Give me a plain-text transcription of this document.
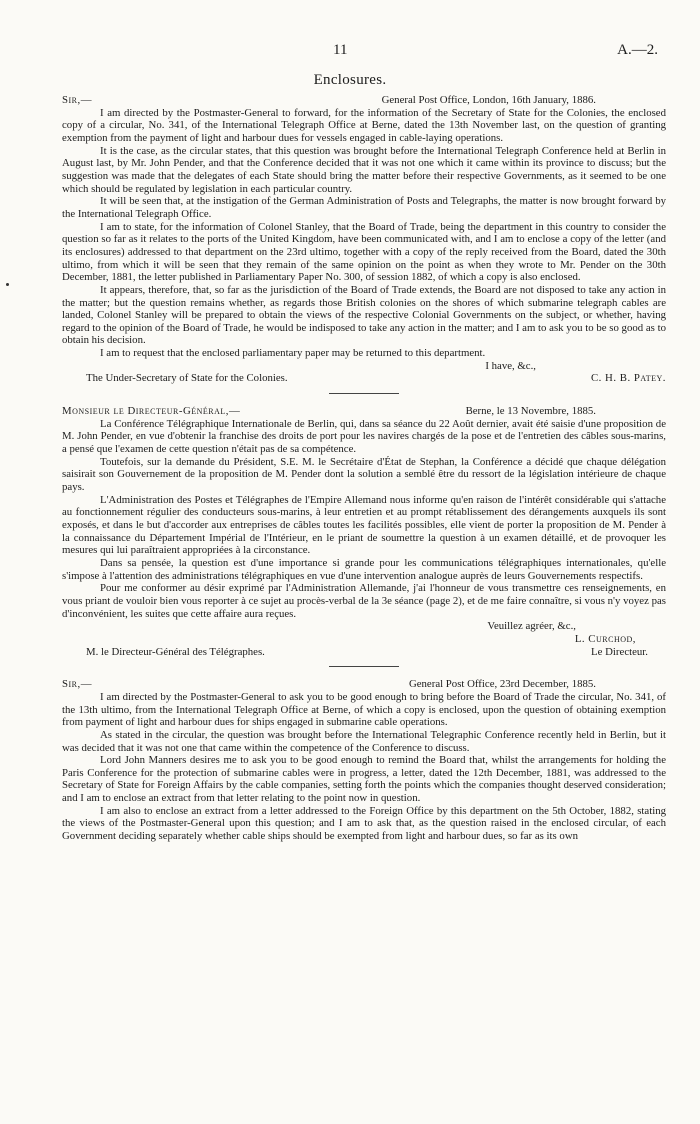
11	A.—2.
Enclosures.
Sir,—	General Post Office, London, 16th January, 1886.

I am directed by the Postmaster-General to forward, for the information of the Secretary of State for the Colonies, the enclosed copy of a circular, No. 341, of the International Telegraph Office at Berne, dated the 13th November last, on the question of granting exemption from the payment of light and harbour dues for vessels engaged in cable-laying operations.

It is the case, as the circular states, that this question was brought before the International Telegraph Conference held at Berlin in August last, by Mr. John Pender, and that the Conference decided that it was not one which it came within its province to discuss; but the suggestion was made that the delegates of each State should bring the matter before their respective Governments, as it seemed to be one which should be regulated by legislation in each particular country.

It will be seen that, at the instigation of the German Administration of Posts and Telegraphs, the matter is now brought forward by the International Telegraph Office.

I am to state, for the information of Colonel Stanley, that the Board of Trade, being the department in this country to consider the question so far as it relates to the ports of the United Kingdom, have been communicated with, and I am to enclose a copy of the letter (and its enclosures) addressed to that department on the 23rd ultimo, together with a copy of the reply received from the Board, dated the 30th ultimo, from which it will be seen that they remain of the same opinion on the point as when they wrote to Mr. Pender on the 30th December, 1881, the letter published in Parliamentary Paper No. 300, of session 1882, of which a copy is also enclosed.

It appears, therefore, that, so far as the jurisdiction of the Board of Trade extends, the Board are not disposed to take any action in the matter; but the question remains whether, as regards those British colonies on the shores of which submarine telegraph cables are landed, Colonel Stanley will be prepared to obtain the views of the respective Colonial Governments on the subject, or whether, having regard to the opinion of the Board of Trade, he would be indisposed to take any action in the matter; and I am to ask you to be so good as to obtain his decision.

I am to request that the enclosed parliamentary paper may be returned to this department.

I have, &c.,
The Under-Secretary of State for the Colonies.	C. H. B. Patey.
Monsieur le Directeur-Général,—	Berne, le 13 Novembre, 1885.

La Conférence Télégraphique Internationale de Berlin, qui, dans sa séance du 22 Août dernier, avait été saisie d'une proposition de M. John Pender, en vue d'obtenir la franchise des droits de port pour les navires chargés de la pose et de l'entretien des câbles sous-marins, a pensé que l'examen de cette question n'était pas de sa compétence.

Toutefois, sur la demande du Président, S.E. M. le Secrétaire d'État de Stephan, la Conférence a décidé que chaque délégation saisirait son Gouvernement de la proposition de M. Pender dont la solution a semblé être du ressort de la législation intérieure de chaque pays.

L'Administration des Postes et Télégraphes de l'Empire Allemand nous informe qu'en raison de l'intérêt considérable qui s'attache au fonctionnement régulier des conducteurs sous-marins, à leur entretien et au prompt rétablissement des dérangements auxquels ils sont exposés, et dans le but d'accorder aux entreprises de câbles toutes les facilités possibles, elle vient de porter la proposition de M. Pender à la connaissance du Département Impérial de l'Intérieur, en le priant de soumettre la question à un examen détaillé, et de provoquer les mesures qui lui paraîtraient appropriées à la circonstance.

Dans sa pensée, la question est d'une importance si grande pour les communications télégraphiques internationales, qu'elle s'impose à l'attention des administrations télégraphiques en vue d'une intervention analogue auprès de leurs Gouvernements respectifs.

Pour me conformer au désir exprimé par l'Administration Allemande, j'ai l'honneur de vous transmettre ces renseignements, en vous priant de vouloir bien vous reporter à ce sujet au procès-verbal de la 3e séance (page 2), et de me faire connaître, si vous n'y voyez pas d'inconvénient, les suites que cette affaire aura reçues.

Veuillez agréer, &c.,
L. Curchod,
M. le Directeur-Général des Télégraphes.	Le Directeur.
Sir,—	General Post Office, 23rd December, 1885.

I am directed by the Postmaster-General to ask you to be good enough to bring before the Board of Trade the circular, No. 341, of the 13th ultimo, from the International Telegraph Office at Berne, of which a copy is enclosed, upon the question of obtaining exemption from payment of light and harbour dues for ships engaged in submarine cable operations.

As stated in the circular, the question was brought before the International Telegraphic Conference recently held in Berlin, but it was decided that it was not one that came within the competence of the Conference to discuss.

Lord John Manners desires me to ask you to be good enough to remind the Board that, whilst the arrangements for holding the Paris Conference for the protection of submarine cables were in progress, a letter, dated the 12th December, 1881, was addressed to the Secretary of State for Foreign Affairs by the cable companies, setting forth the points which the companies thought deserved consideration; and I am to enclose an extract from that letter relating to the point now in question.

I am also to enclose an extract from a letter addressed to the Foreign Office by this department on the 5th October, 1882, stating the views of the Postmaster-General upon this question; and I am to ask that, as the question raised in the enclosed circular, of each Government deciding separately whether cable ships should be exempted from light and harbour dues, so far as its own
